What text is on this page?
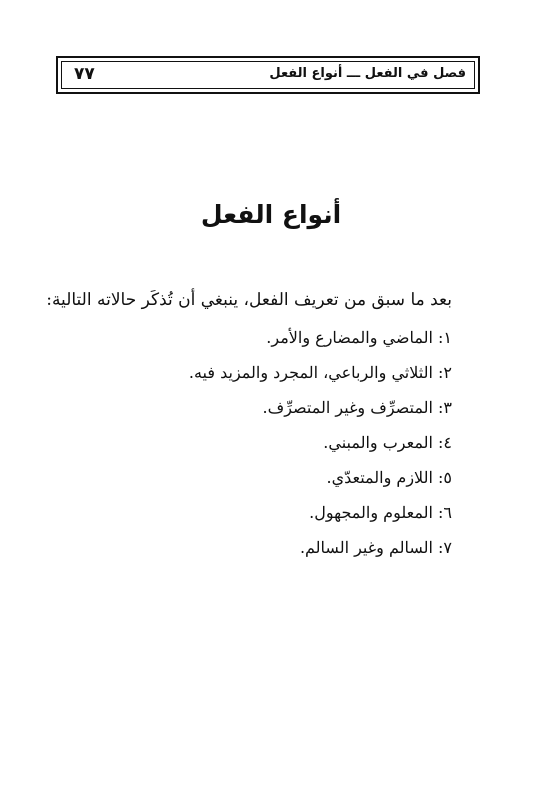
٧٧	فصل في الفعل ـــ أنواع الفعل
أنواع الفعل
بعد ما سبق من تعريف الفعل، ينبغي أن تُذكَر حالاته التالية:
١: الماضي والمضارع والأمر.
٢: الثلاثي والرباعي، المجرد والمزيد فيه.
٣: المتصرِّف وغير المتصرِّف.
٤: المعرب والمبني.
٥: اللازم والمتعدّي.
٦: المعلوم والمجهول.
٧: السالم وغير السالم.
